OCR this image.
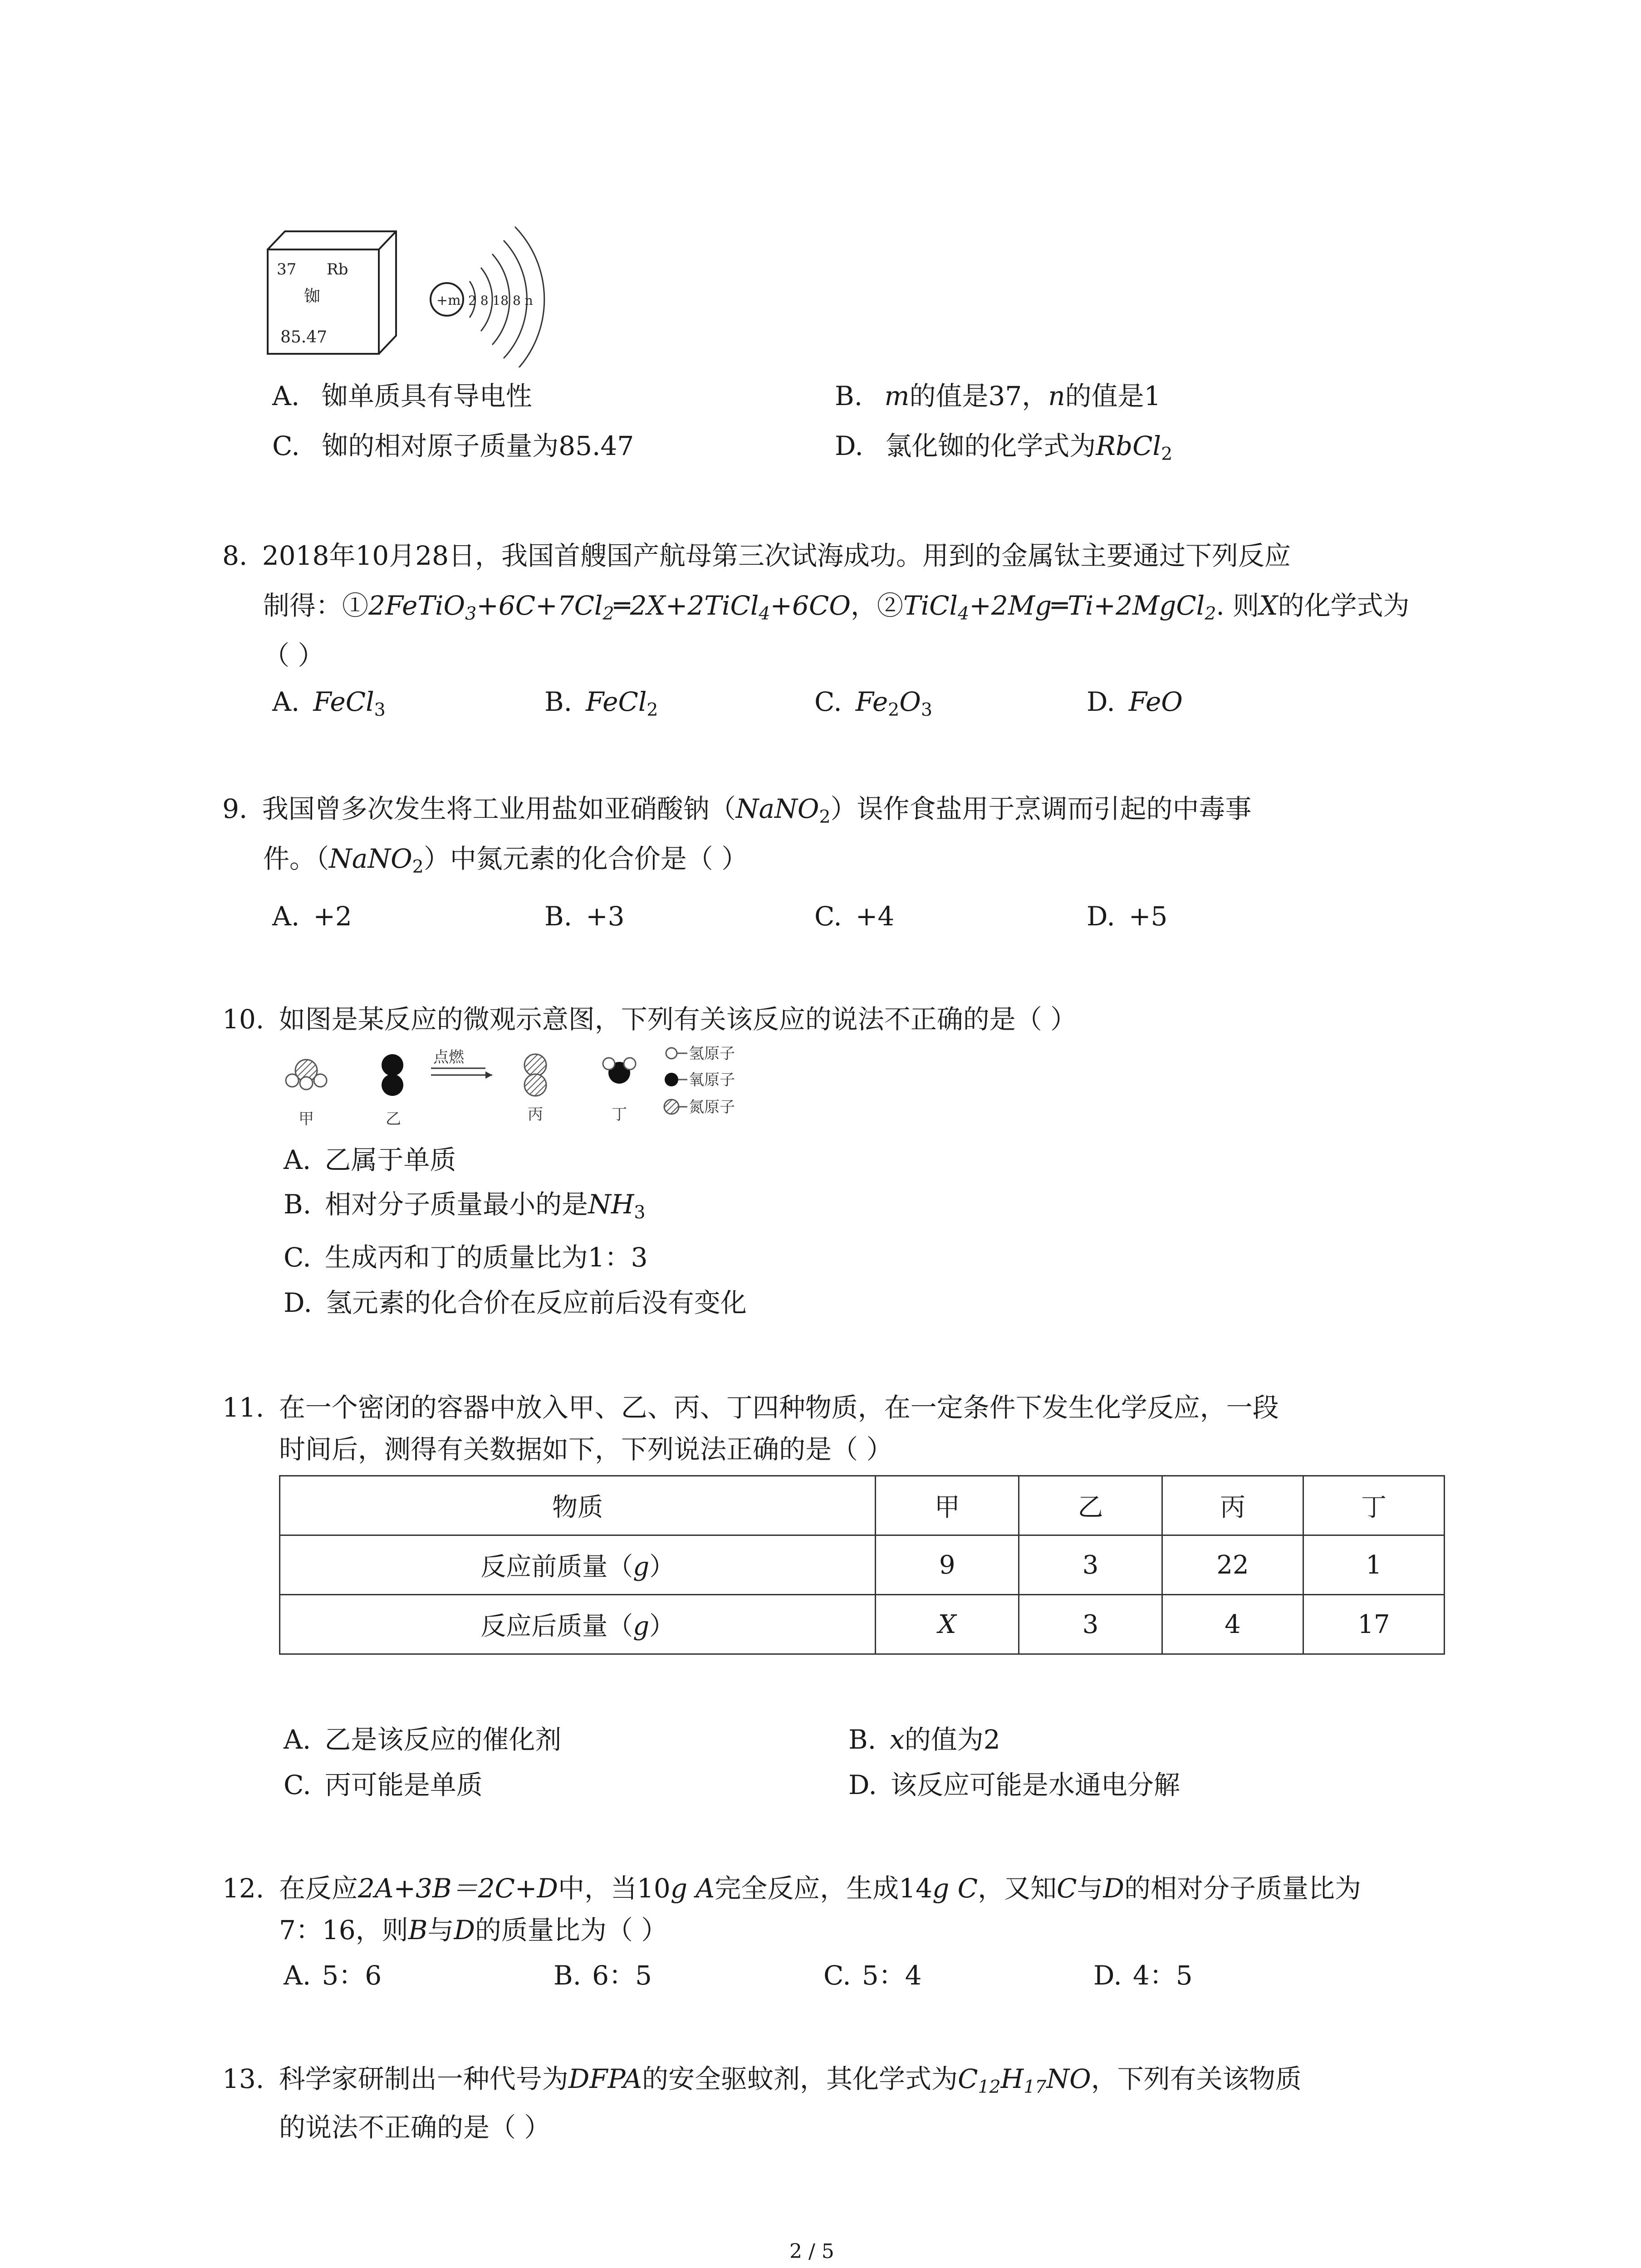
37 Rb
铷
85.47
+m 2 8 18 8 n
A. 铷单质具有导电性	B. m的值是37，n的值是1
C. 铷的相对原子质量为85.47	D. 氯化铷的化学式为RbCl$_2$
8. 2018年10月28日，我国首艘国产航母第三次试海成功。用到的金属钛主要通过下列反应
制得：$①2FeTiO_3+6C+7Cl_2═2X+2TiCl_4+6CO$，②TiCl$_4$+2Mg═Ti+2MgCl$_2$. 则X的化学式为
（ ）
A. FeCl$_3$	B. FeCl$_2$	C. $Fe_2O_3$	D. FeO
9. 我国曾多次发生将工业用盐如亚硝酸钠（NaNO$_2$）误作食盐用于烹调而引起的中毒事
件。（NaNO$_2$）中氮元素的化合价是（ ）
A. +2	B. +3	C. +4	D. +5
10. 如图是某反应的微观示意图，下列有关该反应的说法不正确的是（ ）
点燃	氢原子
氧原子
氮原子
甲	乙	丙	丁
A. 乙属于单质
B. 相对分子质量最小的是$NH_3$
C. 生成丙和丁的质量比为1：3
D. 氢元素的化合价在反应前后没有变化
11. 在一个密闭的容器中放入甲、乙、丙、丁四种物质，在一定条件下发生化学反应，一段
时间后，测得有关数据如下，下列说法正确的是（ ）
物质	甲	乙	丙	丁
反应前质量（g）	9	3	22	1
反应后质量（g）	X	3	4	17
A. 乙是该反应的催化剂	B. x的值为2
C. 丙可能是单质	D. 该反应可能是水通电分解
12. 在反应2A+3B＝2C+D中，当10g A完全反应，生成14g C，又知C与D的相对分子质量比为
7：16，则B与D的质量比为（ ）
A. 5：6	B. 6：5	C. 5：4	D. 4：5
13. 科学家研制出一种代号为DFPA的安全驱蚊剂，其化学式为$C_{12}H_{17}NO$，下列有关该物质
的说法不正确的是（ ）
2 / 5
